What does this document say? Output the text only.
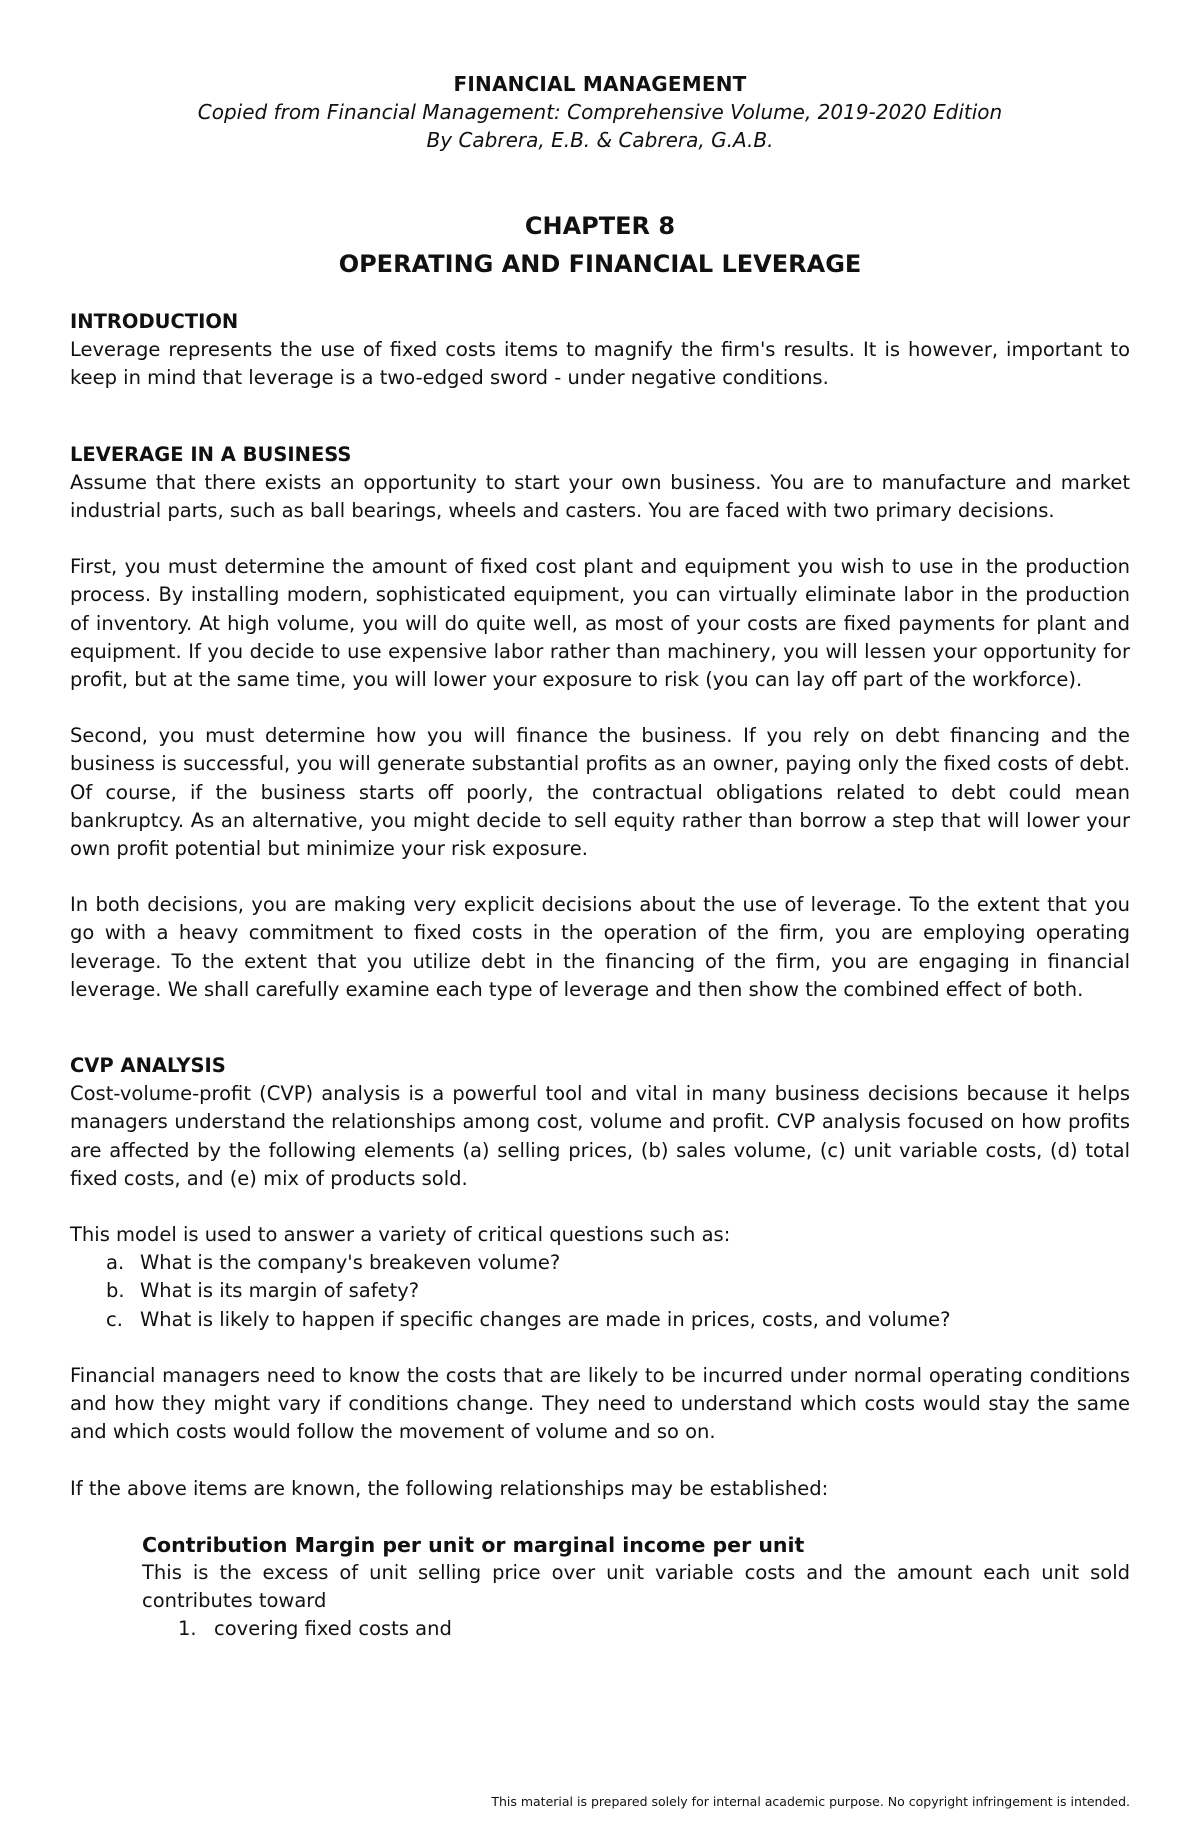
FINANCIAL MANAGEMENT
Copied from Financial Management: Comprehensive Volume, 2019-2020 Edition
By Cabrera, E.B. & Cabrera, G.A.B.
CHAPTER 8
OPERATING AND FINANCIAL LEVERAGE
INTRODUCTION

Leverage represents the use of fixed costs items to magnify the firm's results. It is however, important to keep in mind that leverage is a two-edged sword - under negative conditions.

LEVERAGE IN A BUSINESS

Assume that there exists an opportunity to start your own business. You are to manufacture and market industrial parts, such as ball bearings, wheels and casters. You are faced with two primary decisions.

First, you must determine the amount of fixed cost plant and equipment you wish to use in the production process. By installing modern, sophisticated equipment, you can virtually eliminate labor in the production of inventory. At high volume, you will do quite well, as most of your costs are fixed payments for plant and equipment. If you decide to use expensive labor rather than machinery, you will lessen your opportunity for profit, but at the same time, you will lower your exposure to risk (you can lay off part of the workforce).

Second, you must determine how you will finance the business. If you rely on debt financing and the business is successful, you will generate substantial profits as an owner, paying only the fixed costs of debt. Of course, if the business starts off poorly, the contractual obligations related to debt could mean bankruptcy. As an alternative, you might decide to sell equity rather than borrow a step that will lower your own profit potential but minimize your risk exposure.

In both decisions, you are making very explicit decisions about the use of leverage. To the extent that you go with a heavy commitment to fixed costs in the operation of the firm, you are employing operating leverage. To the extent that you utilize debt in the financing of the firm, you are engaging in financial leverage. We shall carefully examine each type of leverage and then show the combined effect of both.

CVP ANALYSIS

Cost-volume-profit (CVP) analysis is a powerful tool and vital in many business decisions because it helps managers understand the relationships among cost, volume and profit. CVP analysis focused on how profits are affected by the following elements (a) selling prices, (b) sales volume, (c) unit variable costs, (d) total fixed costs, and (e) mix of products sold.

This model is used to answer a variety of critical questions such as:

a. What is the company's breakeven volume?
b. What is its margin of safety?
c. What is likely to happen if specific changes are made in prices, costs, and volume?

Financial managers need to know the costs that are likely to be incurred under normal operating conditions and how they might vary if conditions change. They need to understand which costs would stay the same and which costs would follow the movement of volume and so on.

If the above items are known, the following relationships may be established:

Contribution Margin per unit or marginal income per unit

This is the excess of unit selling price over unit variable costs and the amount each unit sold contributes toward

1. covering fixed costs and
This material is prepared solely for internal academic purpose. No copyright infringement is intended.
